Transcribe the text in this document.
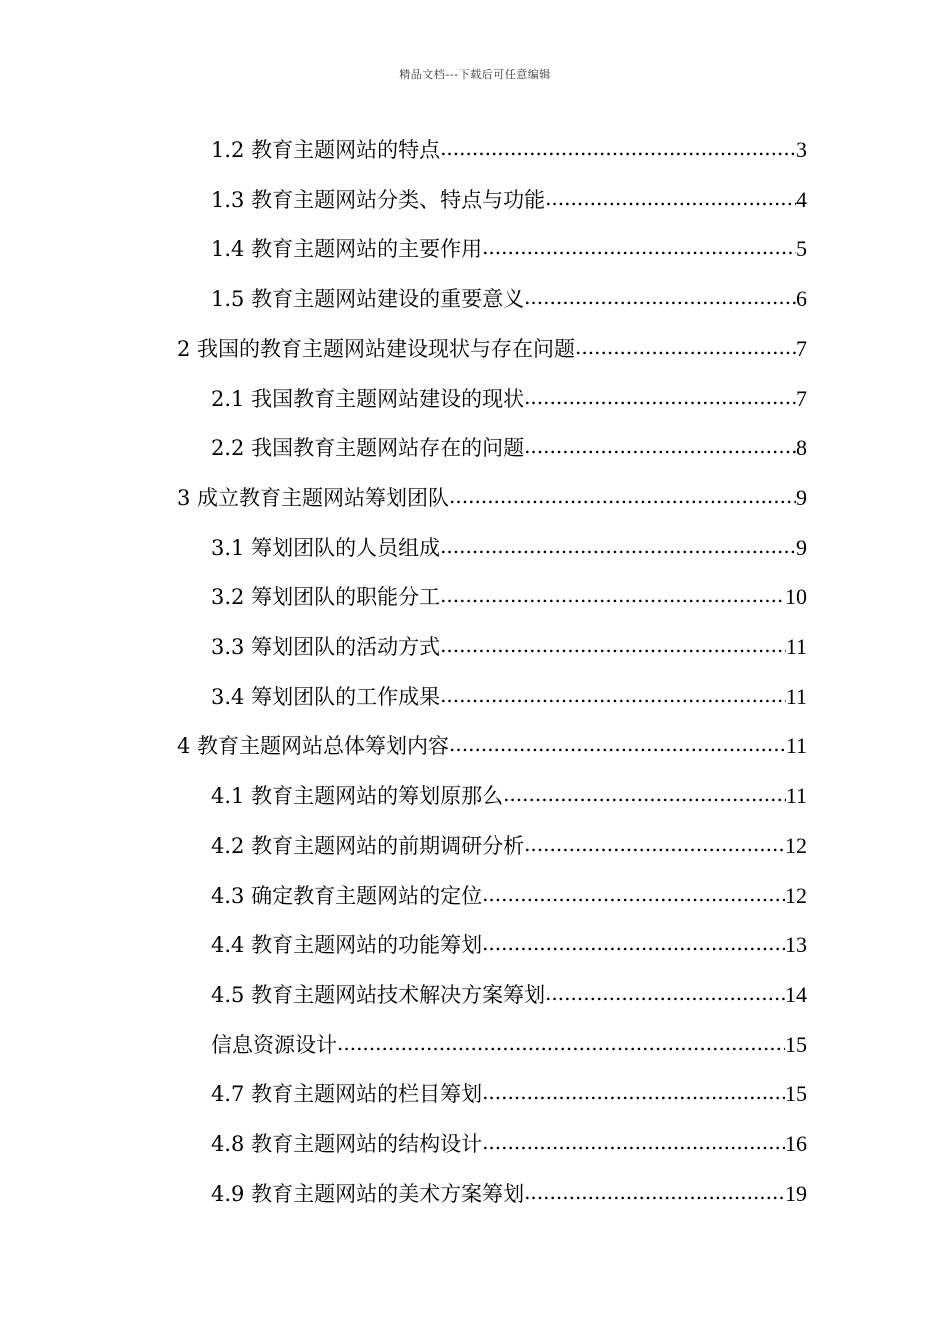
精品文档---下载后可任意编辑
1.2 教育主题网站的特点 .....	3
1.3 教育主题网站分类、特点与功能 .....	4
1.4 教育主题网站的主要作用 .....	5
1.5 教育主题网站建设的重要意义 .....	6
2 我国的教育主题网站建设现状与存在问题 .....	7
2.1 我国教育主题网站建设的现状 .....	7
2.2 我国教育主题网站存在的问题 .....	8
3 成立教育主题网站筹划团队 .....	9
3.1 筹划团队的人员组成 .....	9
3.2 筹划团队的职能分工 .....	10
3.3 筹划团队的活动方式 .....	11
3.4 筹划团队的工作成果 .....	11
4 教育主题网站总体筹划内容 .....	11
4.1 教育主题网站的筹划原那么 .....	11
4.2 教育主题网站的前期调研分析 .....	12
4.3 确定教育主题网站的定位 .....	12
4.4 教育主题网站的功能筹划 .....	13
4.5 教育主题网站技术解决方案筹划 .....	14
信息资源设计 .....	15
4.7 教育主题网站的栏目筹划 .....	15
4.8 教育主题网站的结构设计 .....	16
4.9 教育主题网站的美术方案筹划 .....	19
